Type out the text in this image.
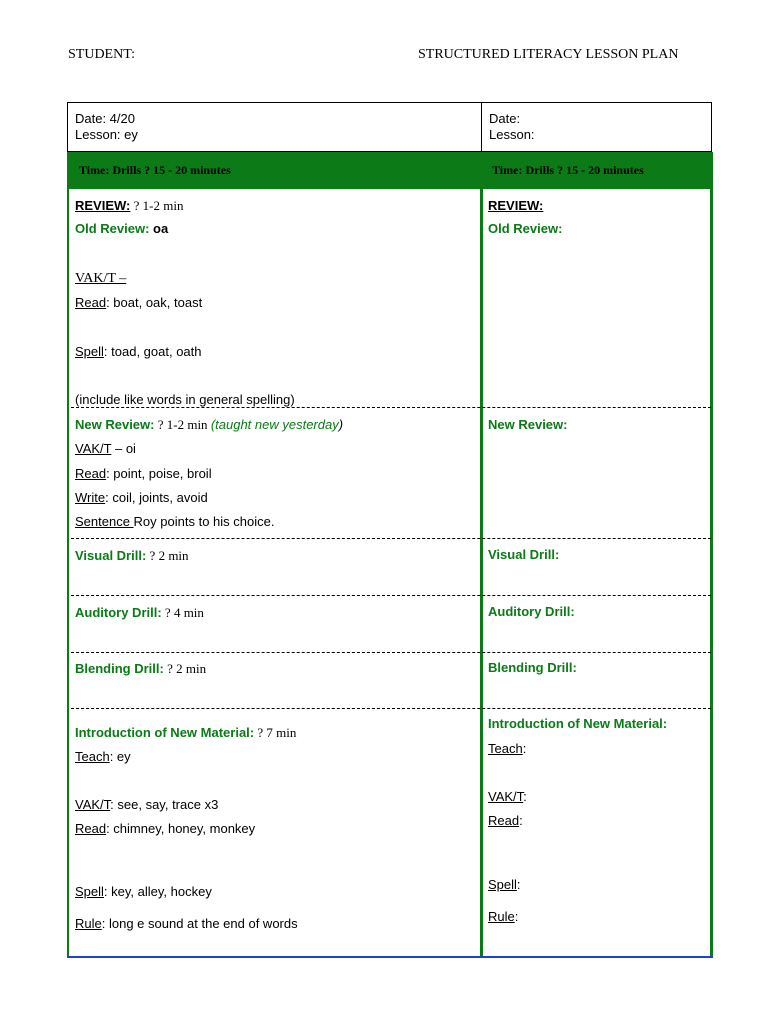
STUDENT:	STRUCTURED LITERACY LESSON PLAN
Date: 4/20
Lesson: ey
Date:
Lesson:
Time: Drills ? 15 - 20 minutes	Time: Drills ? 15 - 20 minutes
REVIEW: ? 1-2 min
Old Review: oa
VAK/T –
Read: boat, oak, toast
Spell: toad, goat, oath
(include like words in general spelling)
New Review: ? 1-2 min (taught new yesterday)
VAK/T – oi
Read: point, poise, broil
Write: coil, joints, avoid
Sentence Roy points to his choice.
Visual Drill: ? 2 min
Auditory Drill: ? 4 min
Blending Drill: ? 2 min
Introduction of New Material: ? 7 min
Teach: ey
VAK/T: see, say, trace x3
Read: chimney, honey, monkey
Spell: key, alley, hockey
Rule: long e sound at the end of words
REVIEW:
Old Review:
New Review:
Visual Drill:
Auditory Drill:
Blending Drill:
Introduction of New Material:
Teach:
VAK/T:
Read:
Spell:
Rule:
